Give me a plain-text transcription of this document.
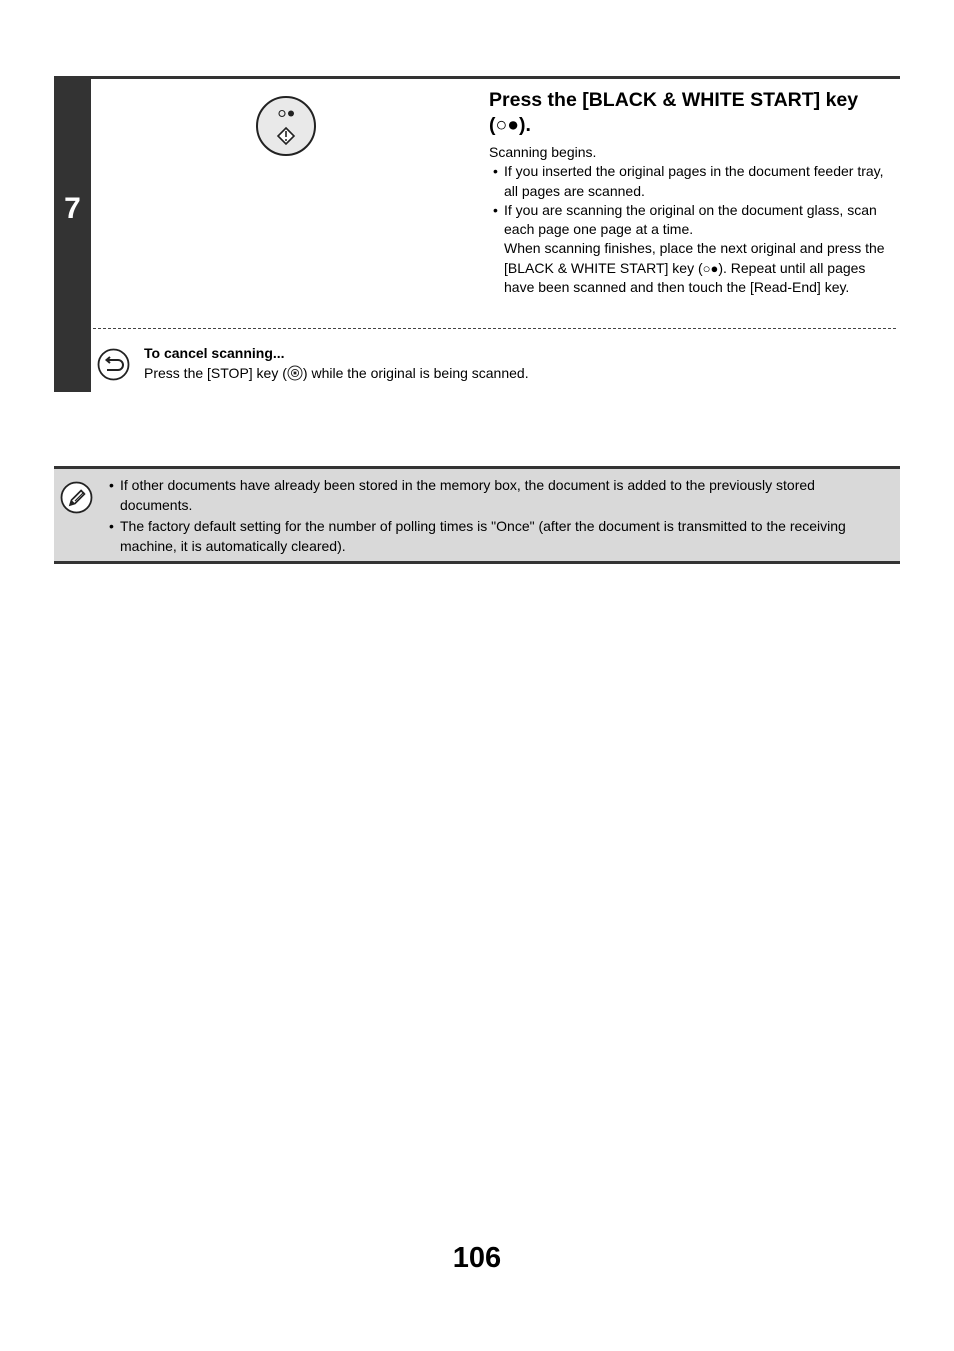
7
Press the [BLACK & WHITE START] key
(○●).

Scanning begins.

• If you inserted the original pages in the document feeder tray, all pages are scanned.

• If you are scanning the original on the document glass, scan each page one page at a time.
When scanning finishes, place the next original and press the [BLACK & WHITE START] key (○●). Repeat until all pages have been scanned and then touch the [Read-End] key.

To cancel scanning...
Press the [STOP] key ( ) while the original is being scanned.
• If other documents have already been stored in the memory box, the document is added to the previously stored documents.
• The factory default setting for the number of polling times is "Once" (after the document is transmitted to the receiving machine, it is automatically cleared).
106
